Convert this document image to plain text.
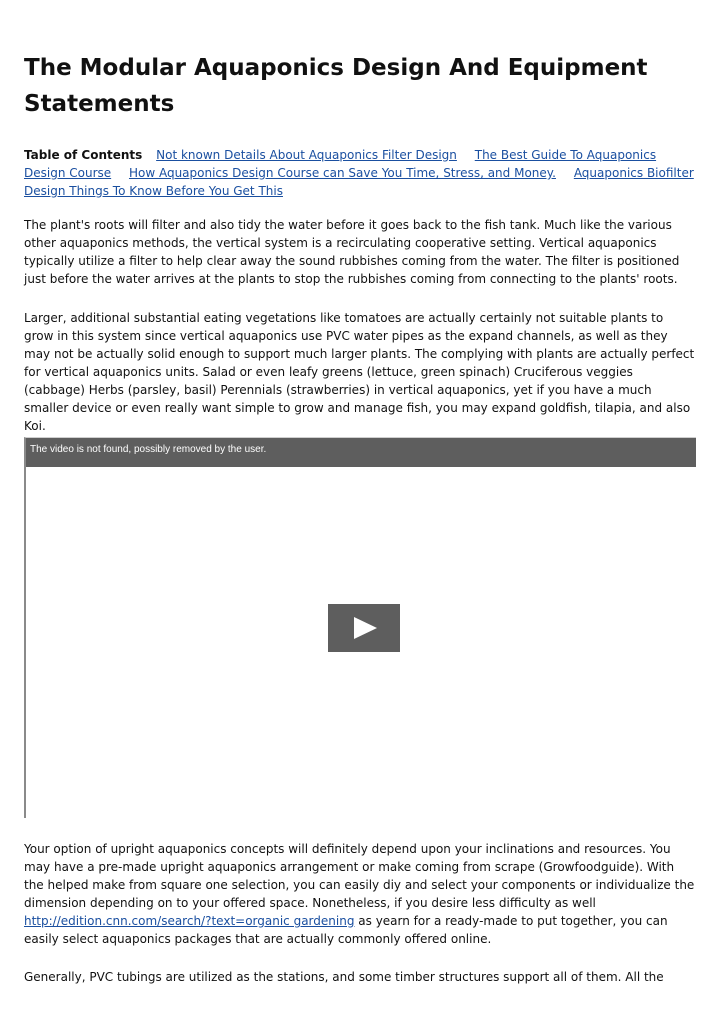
The Modular Aquaponics Design And Equipment Statements
Table of Contents Not known Details About Aquaponics Filter Design The Best Guide To Aquaponics Design Course How Aquaponics Design Course can Save You Time, Stress, and Money. Aquaponics Biofilter Design Things To Know Before You Get This

The plant's roots will filter and also tidy the water before it goes back to the fish tank. Much like the various other aquaponics methods, the vertical system is a recirculating cooperative setting. Vertical aquaponics typically utilize a filter to help clear away the sound rubbishes coming from the water. The filter is positioned just before the water arrives at the plants to stop the rubbishes coming from connecting to the plants' roots.

Larger, additional substantial eating vegetations like tomatoes are actually certainly not suitable plants to grow in this system since vertical aquaponics use PVC water pipes as the expand channels, as well as they may not be actually solid enough to support much larger plants. The complying with plants are actually perfect for vertical aquaponics units. Salad or even leafy greens (lettuce, green spinach) Cruciferous veggies (cabbage) Herbs (parsley, basil) Perennials (strawberries) in vertical aquaponics, yet if you have a much smaller device or even really want simple to grow and manage fish, you may expand goldfish, tilapia, and also Koi.

The video is not found, possibly removed by the user.

Your option of upright aquaponics concepts will definitely depend upon your inclinations and resources. You may have a pre-made upright aquaponics arrangement or make coming from scrape (Growfoodguide). With the helped make from square one selection, you can easily diy and select your components or individualize the dimension depending on to your offered space. Nonetheless, if you desire less difficulty as well http://edition.cnn.com/search/?text=organic gardening as yearn for a ready-made to put together, you can easily select aquaponics packages that are actually commonly offered online.

Generally, PVC tubings are utilized as the stations, and some timber structures support all of them. All the
